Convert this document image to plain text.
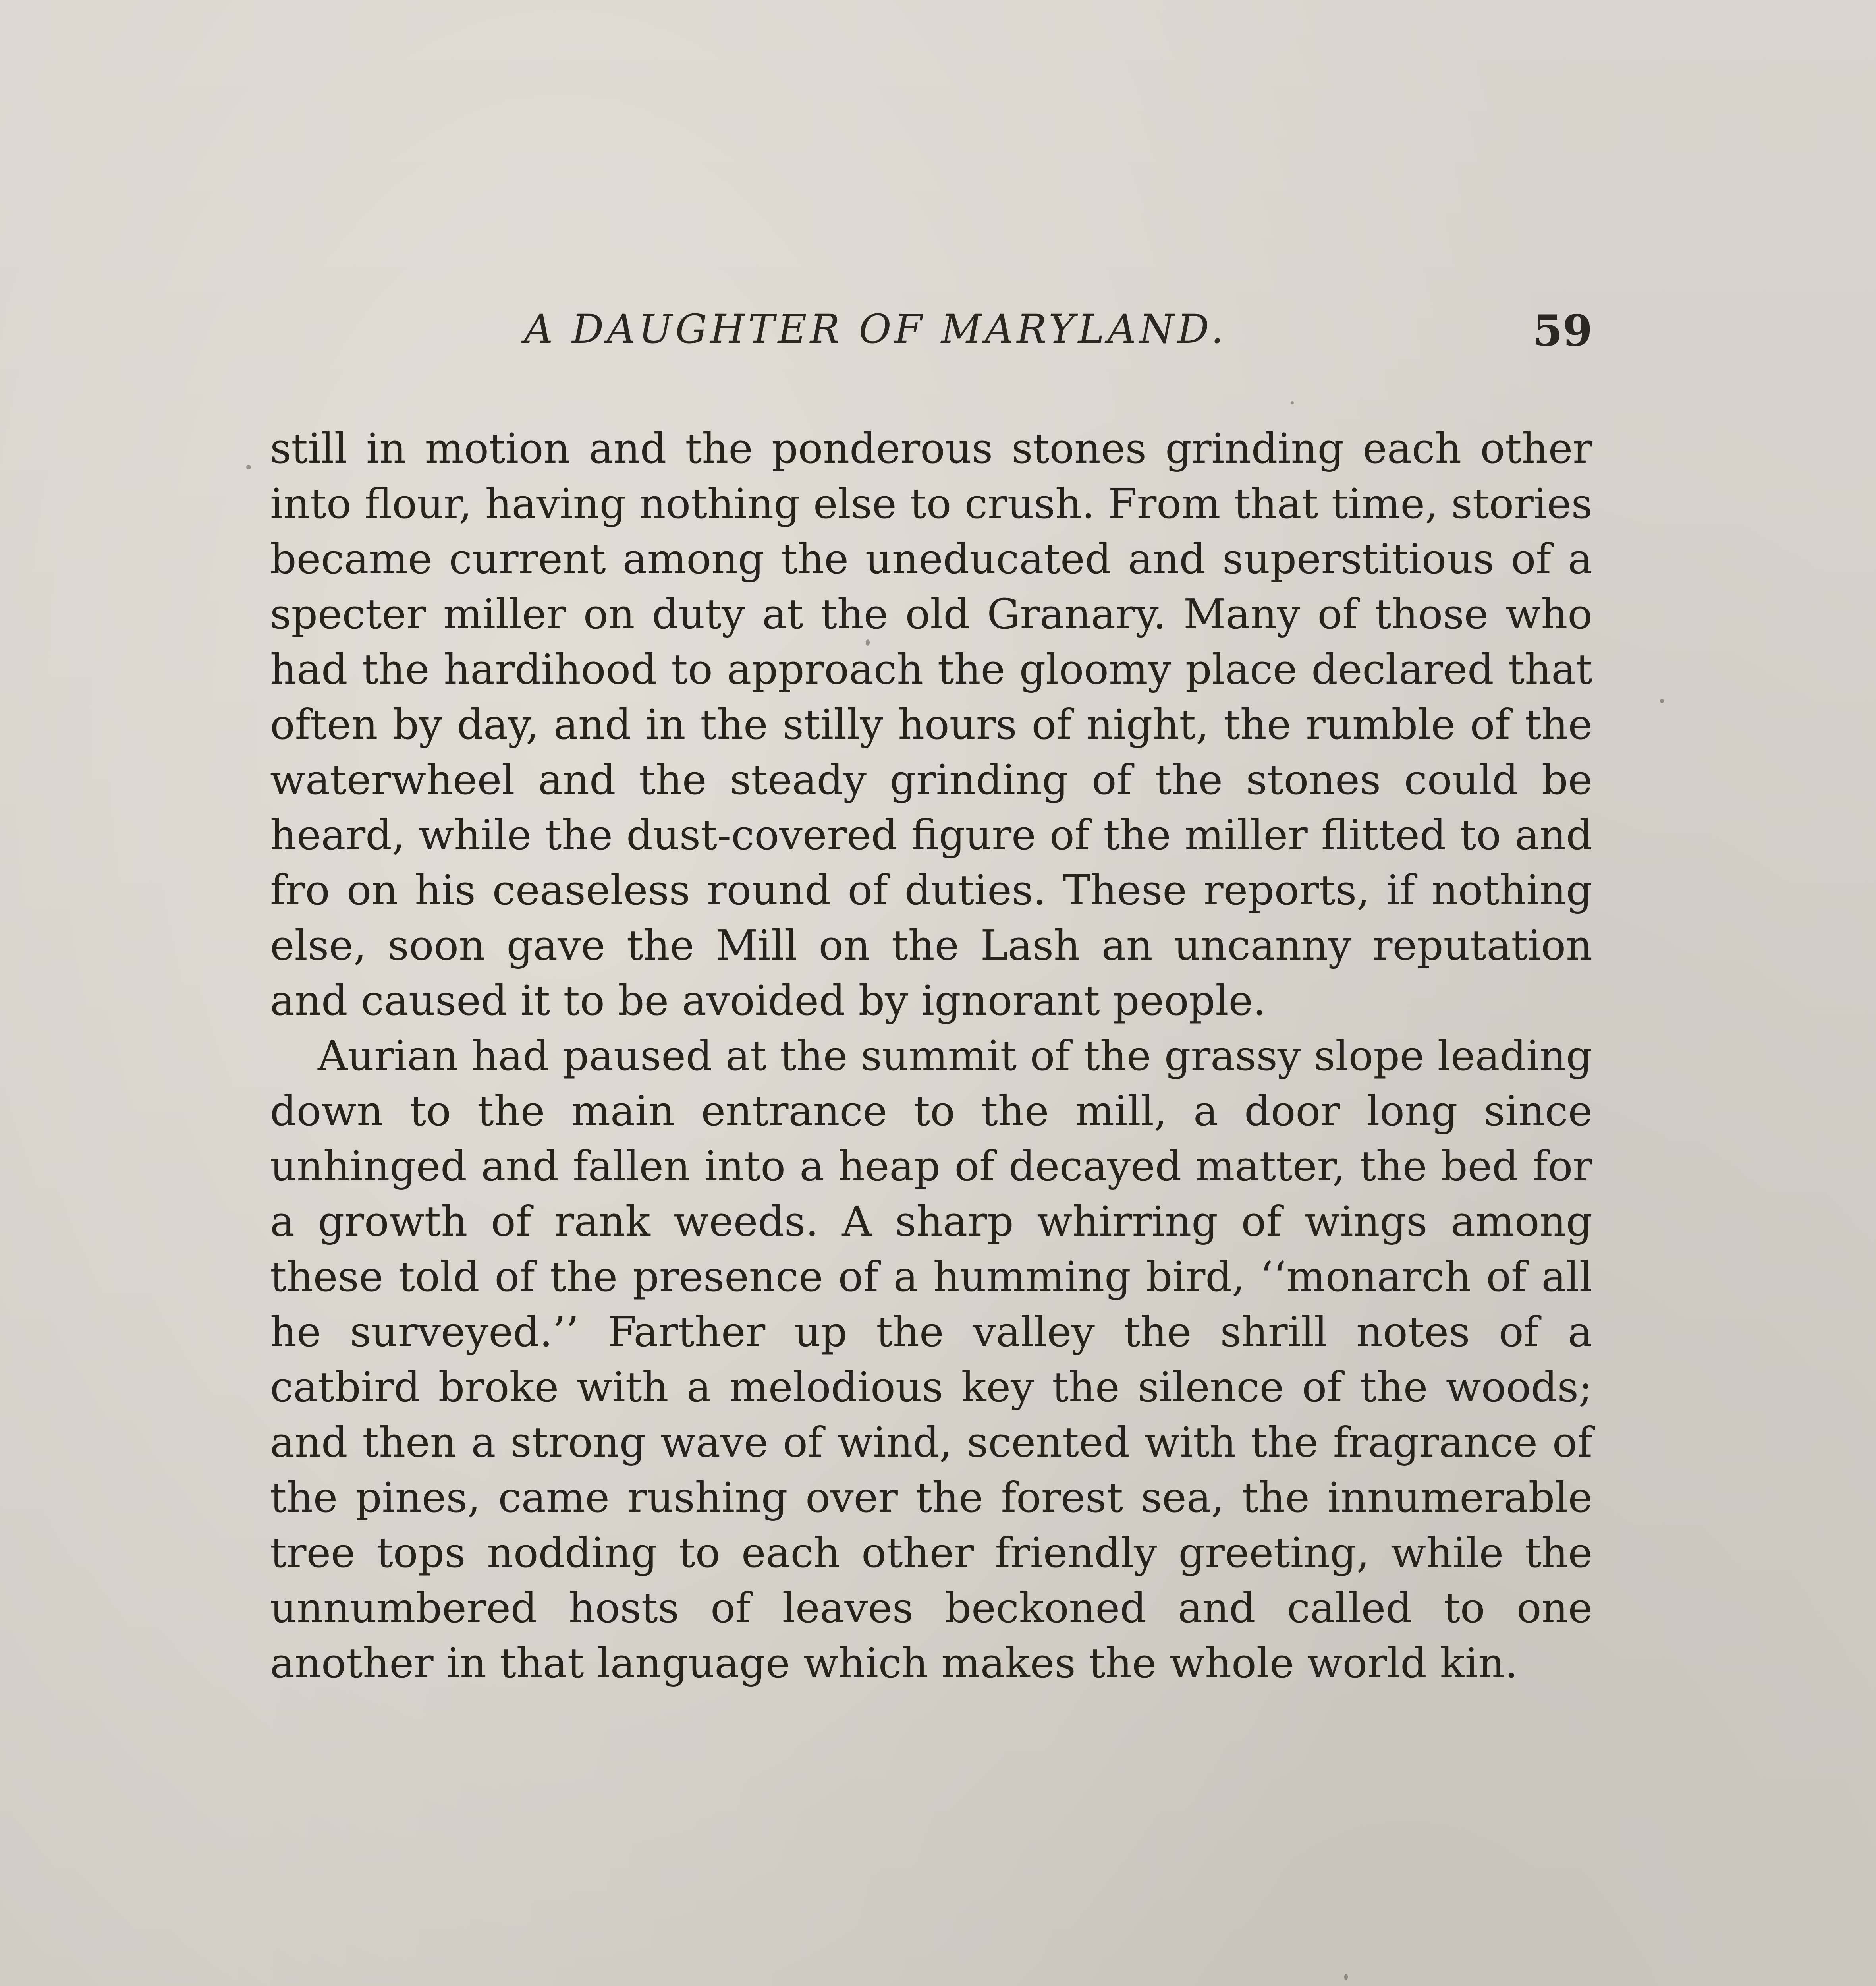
A DAUGHTER OF MARYLAND.	59

still in motion and the ponderous stones grinding each other into flour, having nothing else to crush. From that time, stories became current among the uneducated and superstitious of a specter miller on duty at the old Granary. Many of those who had the hardihood to approach the gloomy place declared that often by day, and in the stilly hours of night, the rumble of the waterwheel and the steady grinding of the stones could be heard, while the dust-covered figure of the miller flitted to and fro on his ceaseless round of duties. These reports, if nothing else, soon gave the Mill on the Lash an uncanny reputation and caused it to be avoided by ignorant people.

Aurian had paused at the summit of the grassy slope leading down to the main entrance to the mill, a door long since unhinged and fallen into a heap of decayed matter, the bed for a growth of rank weeds. A sharp whirring of wings among these told of the presence of a humming bird, ‘‘monarch of all he surveyed.’’ Farther up the valley the shrill notes of a catbird broke with a melodious key the silence of the woods; and then a strong wave of wind, scented with the fragrance of the pines, came rushing over the forest sea, the innumerable tree tops nodding to each other friendly greeting, while the unnumbered hosts of leaves beckoned and called to one another in that language which makes the whole world kin.
